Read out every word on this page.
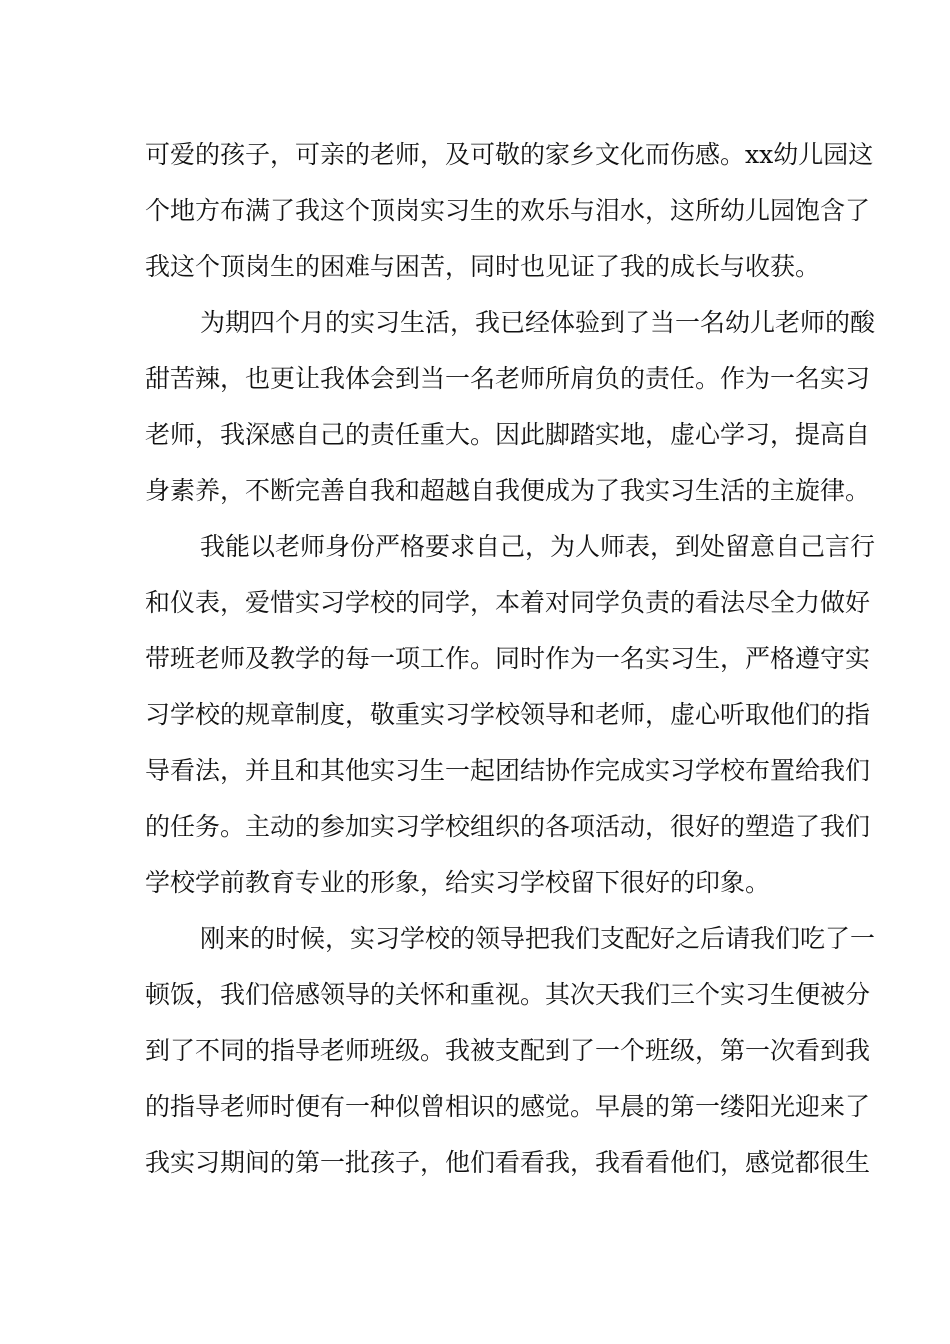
可爱的孩子，可亲的老师，及可敬的家乡文化而伤感。xx幼儿园这
个地方布满了我这个顶岗实习生的欢乐与泪水，这所幼儿园饱含了
我这个顶岗生的困难与困苦，同时也见证了我的成长与收获。
为期四个月的实习生活，我已经体验到了当一名幼儿老师的酸
甜苦辣，也更让我体会到当一名老师所肩负的责任。作为一名实习
老师，我深感自己的责任重大。因此脚踏实地，虚心学习，提高自
身素养，不断完善自我和超越自我便成为了我实习生活的主旋律。
我能以老师身份严格要求自己，为人师表，到处留意自己言行
和仪表，爱惜实习学校的同学，本着对同学负责的看法尽全力做好
带班老师及教学的每一项工作。同时作为一名实习生，严格遵守实
习学校的规章制度，敬重实习学校领导和老师，虚心听取他们的指
导看法，并且和其他实习生一起团结协作完成实习学校布置给我们
的任务。主动的参加实习学校组织的各项活动，很好的塑造了我们
学校学前教育专业的形象，给实习学校留下很好的印象。
刚来的时候，实习学校的领导把我们支配好之后请我们吃了一
顿饭，我们倍感领导的关怀和重视。其次天我们三个实习生便被分
到了不同的指导老师班级。我被支配到了一个班级，第一次看到我
的指导老师时便有一种似曾相识的感觉。早晨的第一缕阳光迎来了
我实习期间的第一批孩子，他们看看我，我看看他们，感觉都很生
